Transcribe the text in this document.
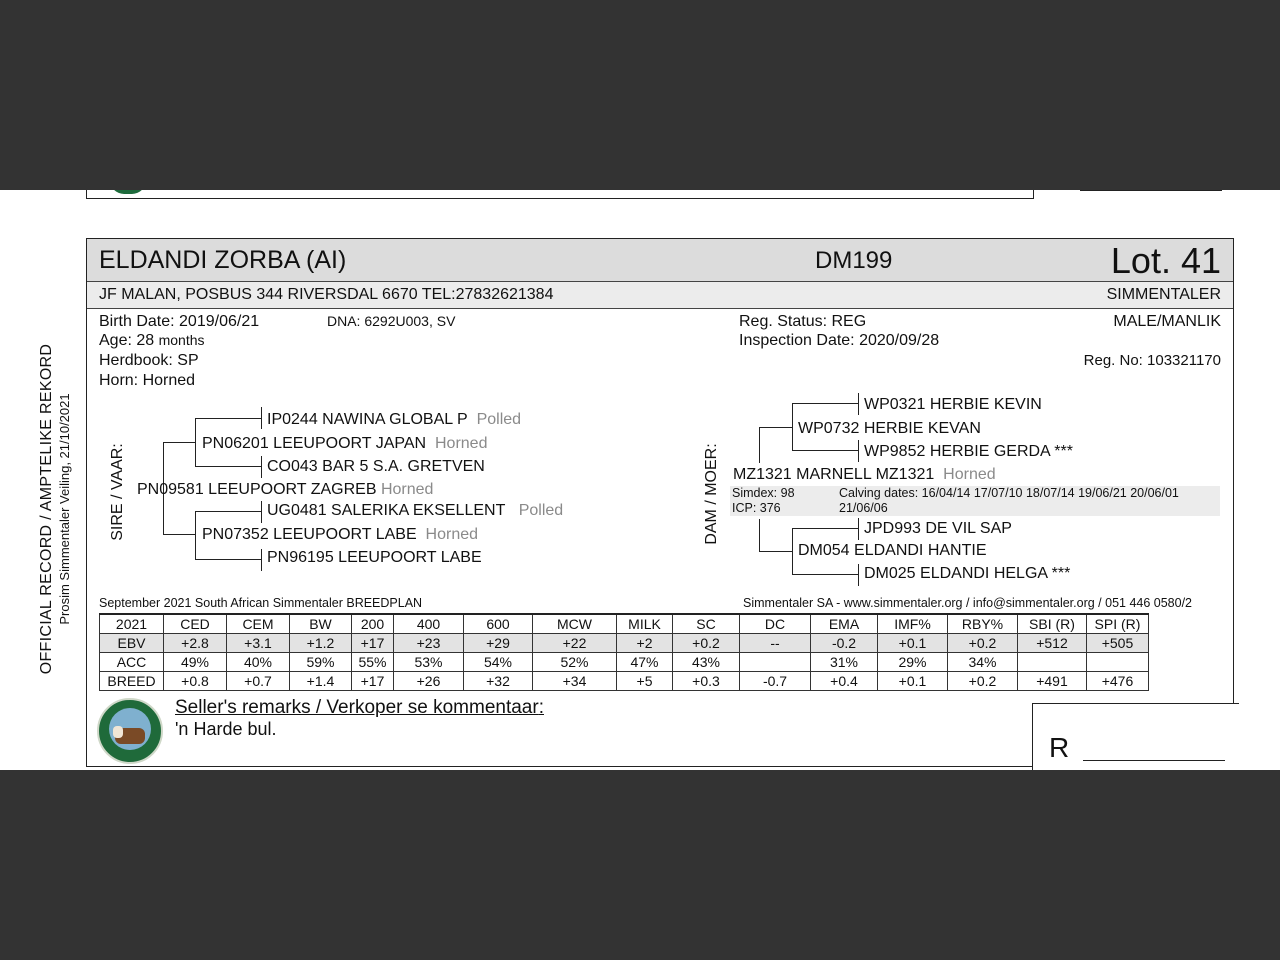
OFFICIAL RECORD / AMPTELIKE REKORD Prosim Simmentaler Veiling, 21/10/2021
ELDANDI ZORBA (AI)	DM199	Lot. 41
JF MALAN, POSBUS 344 RIVERSDAL 6670 TEL:27832621384	SIMMENTALER
Birth Date: 2019/06/21	DNA: 6292U003, SV
Age: 28 months
Herdbook: SP
Horn: Horned
Reg. Status: REG
Inspection Date: 2020/09/28
MALE/MANLIK
Reg. No: 103321170
SIRE / VAAR:
IP0244 NAWINA GLOBAL P Polled
PN06201 LEEUPOORT JAPAN Horned
CO043 BAR 5 S.A. GRETVEN
PN09581 LEEUPOORT ZAGREB Horned
UG0481 SALERIKA EKSELLENT Polled
PN07352 LEEUPOORT LABE Horned
PN96195 LEEUPOORT LABE
DAM / MOER:
WP0321 HERBIE KEVIN
WP0732 HERBIE KEVAN
WP9852 HERBIE GERDA ***
MZ1321 MARNELL MZ1321 Horned
Simdex: 98
ICP: 376
Calving dates: 16/04/14 17/07/10 18/07/14 19/06/21 20/06/01
21/06/06
JPD993 DE VIL SAP
DM054 ELDANDI HANTIE
DM025 ELDANDI HELGA ***
September 2021 South African Simmentaler BREEDPLAN	Simmentaler SA - www.simmentaler.org / info@simmentaler.org / 051 446 0580/2
2021	CED	CEM	BW	200	400	600	MCW	MILK	SC	DC	EMA	IMF%	RBY%	SBI (R)	SPI (R)
EBV	+2.8	+3.1	+1.2	+17	+23	+29	+22	+2	+0.2	--	-0.2	+0.1	+0.2	+512	+505
ACC	49%	40%	59%	55%	53%	54%	52%	47%	43%		31%	29%	34%		
BREED	+0.8	+0.7	+1.4	+17	+26	+32	+34	+5	+0.3	-0.7	+0.4	+0.1	+0.2	+491	+476
Seller's remarks / Verkoper se kommentaar:
'n Harde bul.
R
